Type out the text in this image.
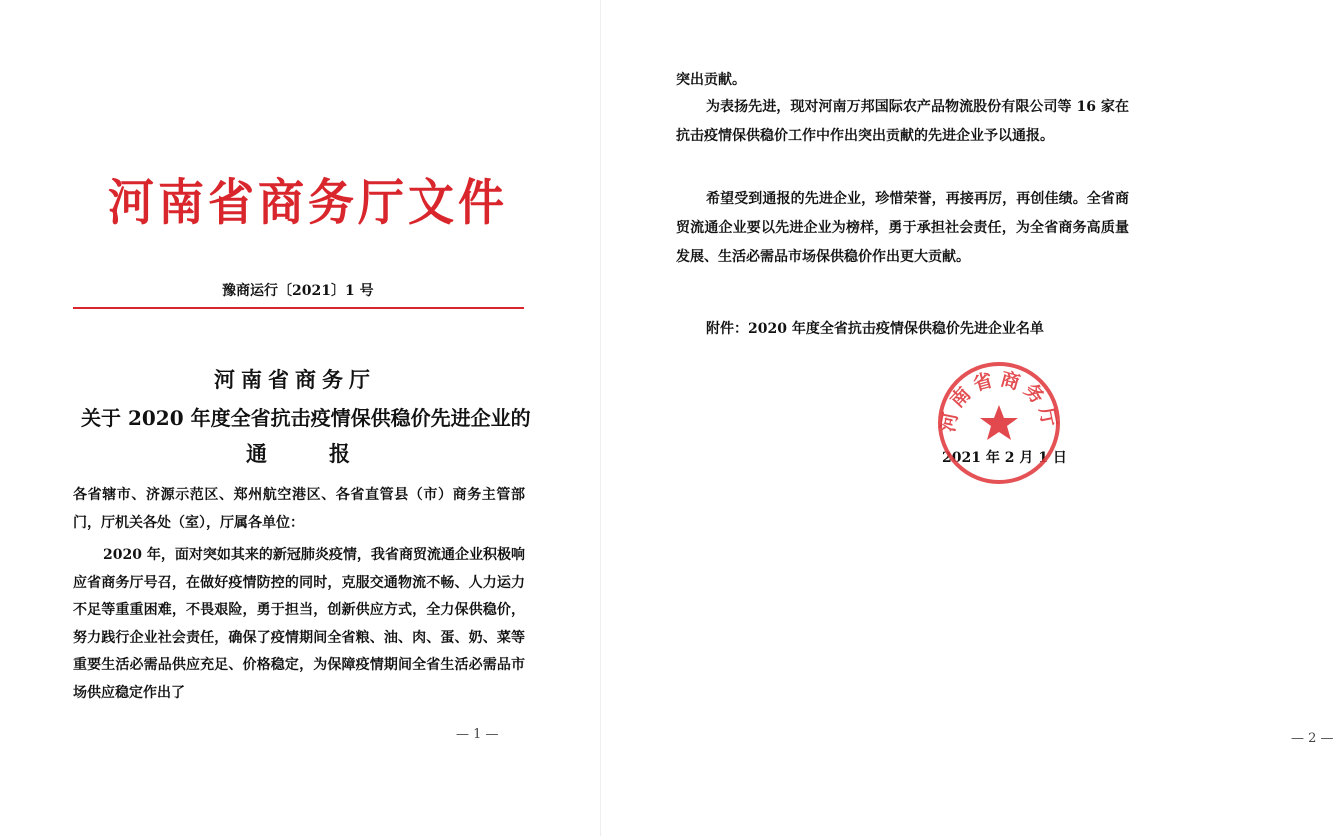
河南省商务厅文件
豫商运行〔2021〕1 号
河南省商务厅
关于 2020 年度全省抗击疫情保供稳价先进企业的
通	报
各省辖市、济源示范区、郑州航空港区、各省直管县（市）商务主管部门，厅机关各处（室），厅属各单位：
2020 年，面对突如其来的新冠肺炎疫情，我省商贸流通企业积极响应省商务厅号召，在做好疫情防控的同时，克服交通物流不畅、人力运力不足等重重困难，不畏艰险，勇于担当，创新供应方式，全力保供稳价，努力践行企业社会责任，确保了疫情期间全省粮、油、肉、蛋、奶、菜等重要生活必需品供应充足、价格稳定，为保障疫情期间全省生活必需品市场供应稳定作出了
— 1 —	— 2 —
突出贡献。
为表扬先进，现对河南万邦国际农产品物流股份有限公司等 16 家在抗击疫情保供稳价工作中作出突出贡献的先进企业予以通报。
希望受到通报的先进企业，珍惜荣誉，再接再厉，再创佳绩。全省商贸流通企业要以先进企业为榜样，勇于承担社会责任，为全省商务高质量发展、生活必需品市场保供稳价作出更大贡献。
附件：2020 年度全省抗击疫情保供稳价先进企业名单
2021 年 2 月 1 日
河南省商务厅
